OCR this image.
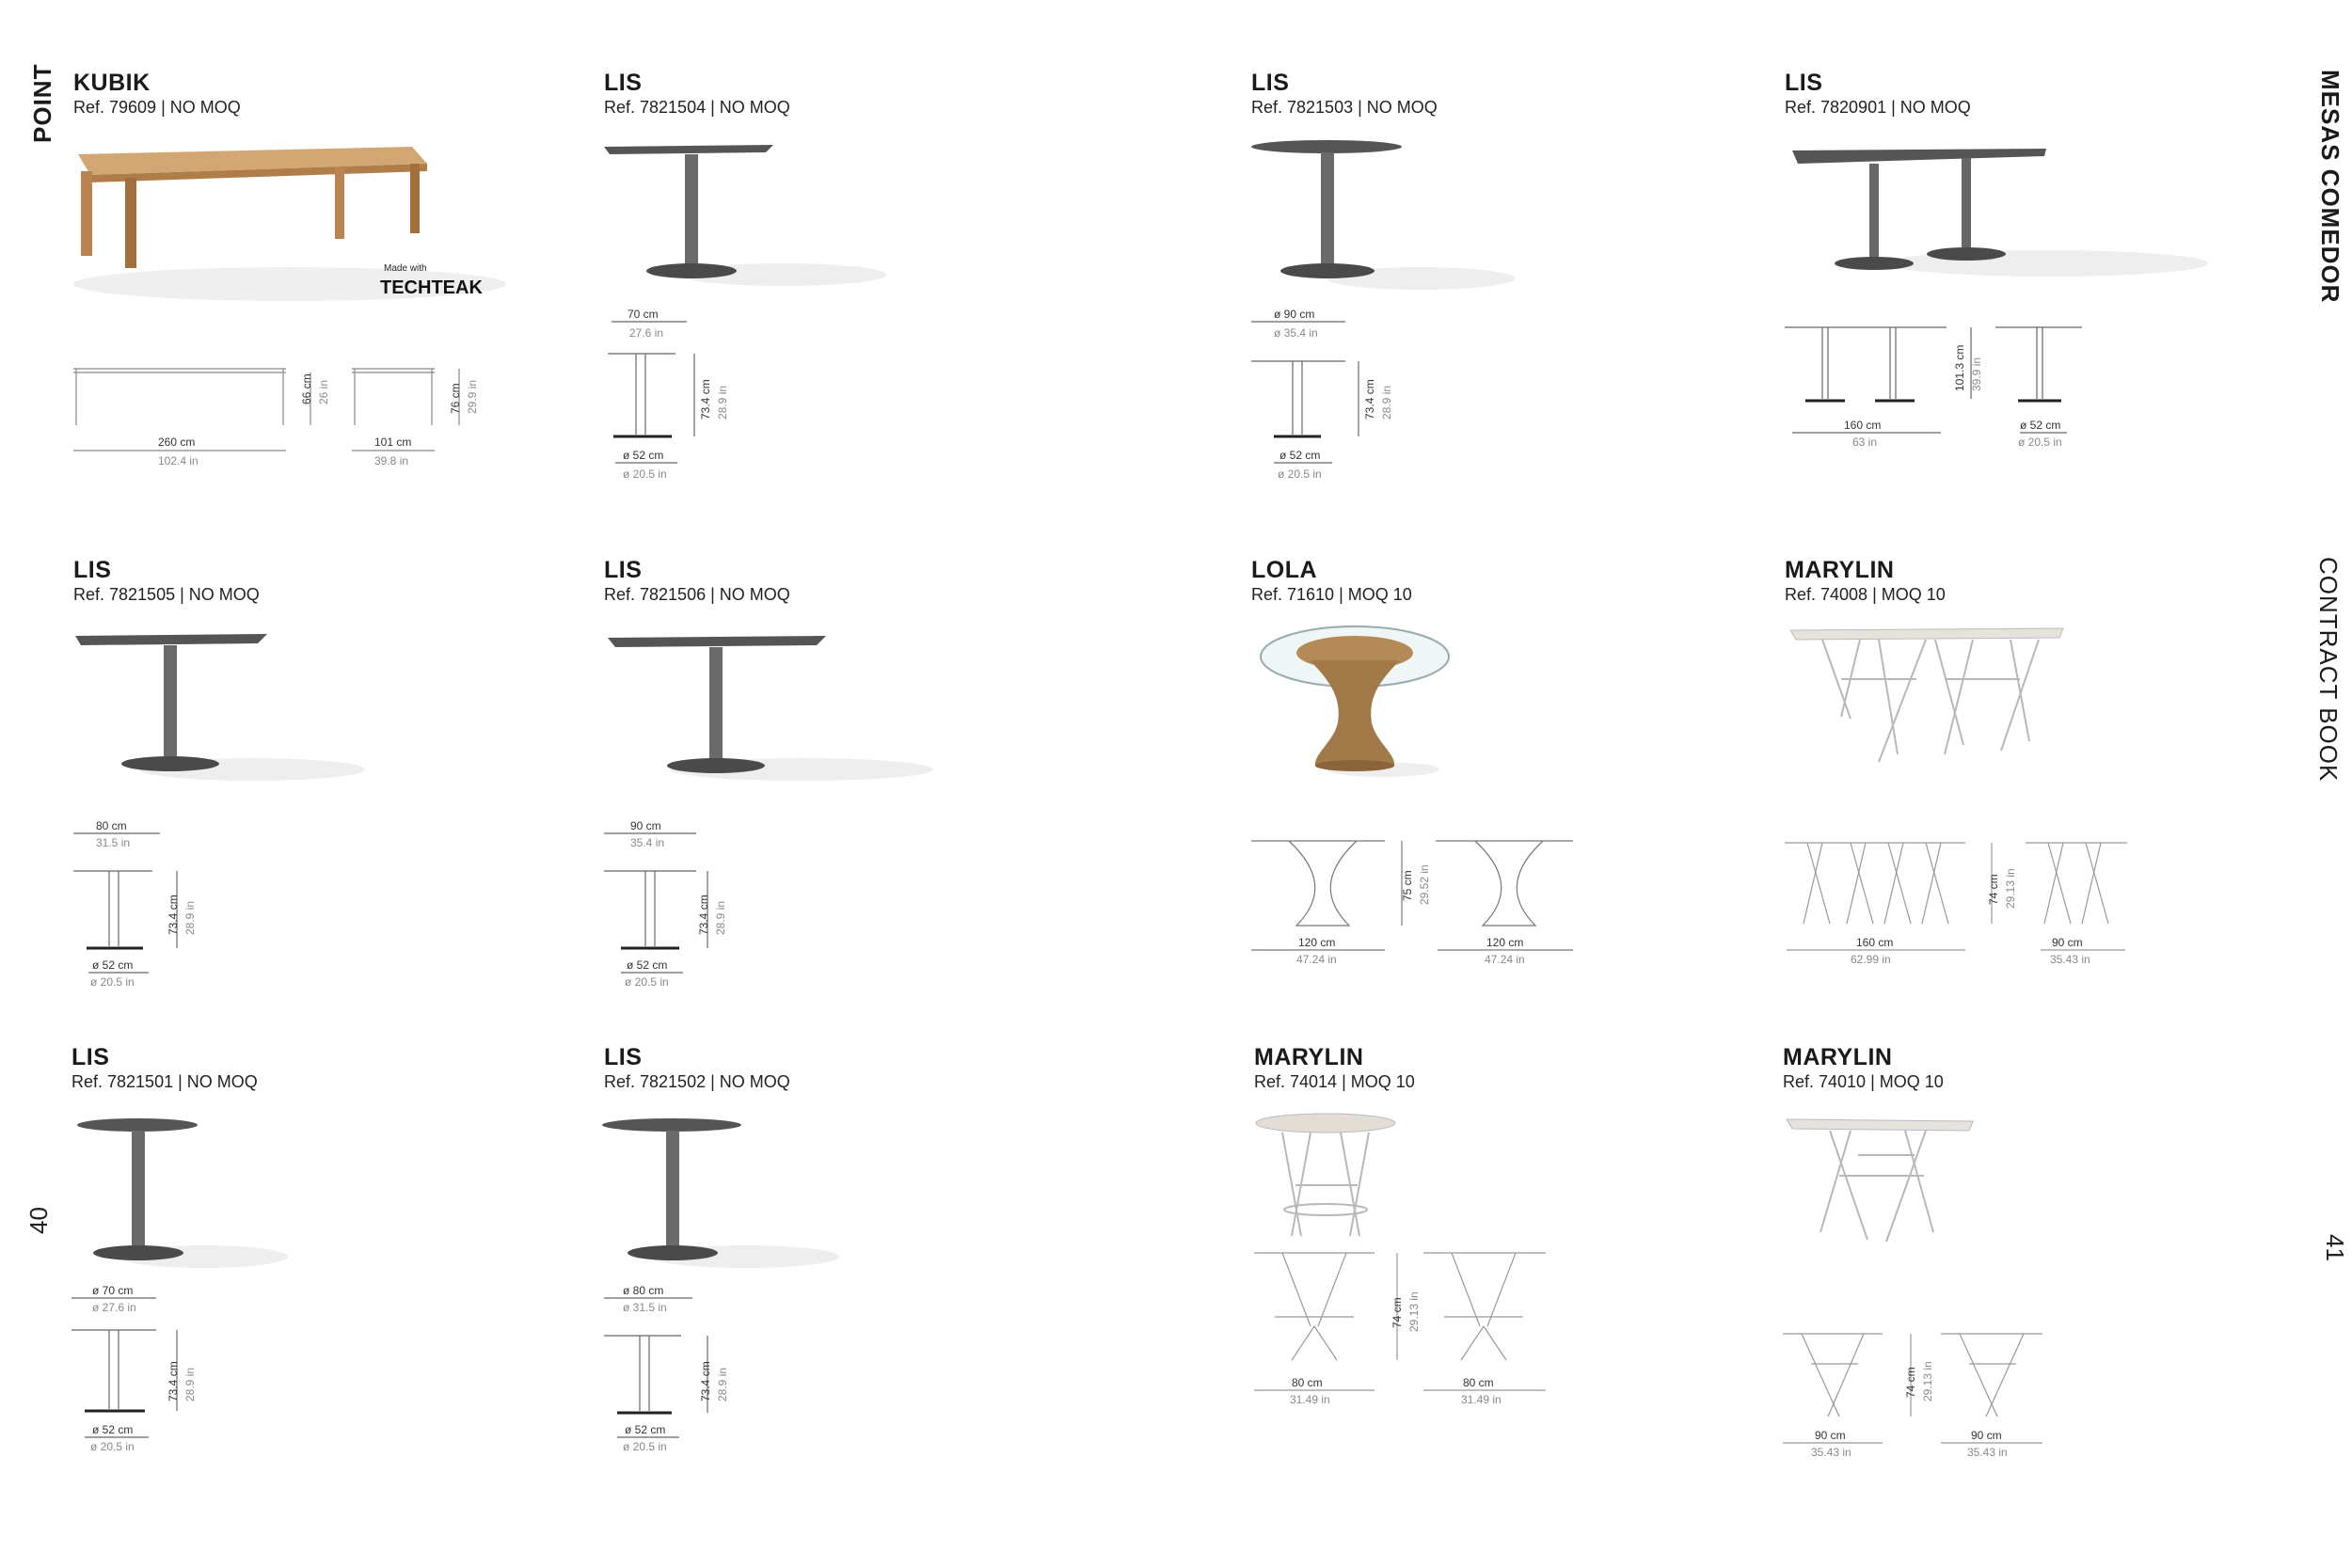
POINT	MESAS COMEDOR
CONTRACT BOOK
40
41
KUBIK
Ref. 79609 | NO MOQ
Made with
TECHTEAK
66 cm 26 in	76 cm 29.9 in
260 cm
102.4 in
101 cm
39.8 in
LIS
Ref. 7821504 | NO MOQ
70 cm
27.6 in
73.4 cm 28.9 in
ø 52 cm
ø 20.5 in
LIS
Ref. 7821503 | NO MOQ
ø 90 cm
ø 35.4 in
73.4 cm 28.9 in
ø 52 cm
ø 20.5 in
LIS
Ref. 7820901 | NO MOQ
101.3 cm 39.9 in
160 cm
63 in
ø 52 cm
ø 20.5 in
LIS
Ref. 7821505 | NO MOQ
80 cm
31.5 in
73.4 cm 28.9 in
ø 52 cm
ø 20.5 in
LIS
Ref. 7821506 | NO MOQ
90 cm
35.4 in
73.4 cm 28.9 in
ø 52 cm
ø 20.5 in
LOLA
Ref. 71610 | MOQ 10
75 cm 29.52 in
120 cm
47.24 in
120 cm
47.24 in
MARYLIN
Ref. 74008 | MOQ 10
74 cm 29.13 in
160 cm
62.99 in
90 cm
35.43 in
LIS
Ref. 7821501 | NO MOQ
ø 70 cm
ø 27.6 in
73.4 cm 28.9 in
ø 52 cm
ø 20.5 in
LIS
Ref. 7821502 | NO MOQ
ø 80 cm
ø 31.5 in
73.4 cm 28.9 in
ø 52 cm
ø 20.5 in
MARYLIN
Ref. 74014 | MOQ 10
74 cm 29.13 in
80 cm
31.49 in
80 cm
31.49 in
MARYLIN
Ref. 74010 | MOQ 10
74 cm 29.13 in
90 cm
35.43 in
90 cm
35.43 in
